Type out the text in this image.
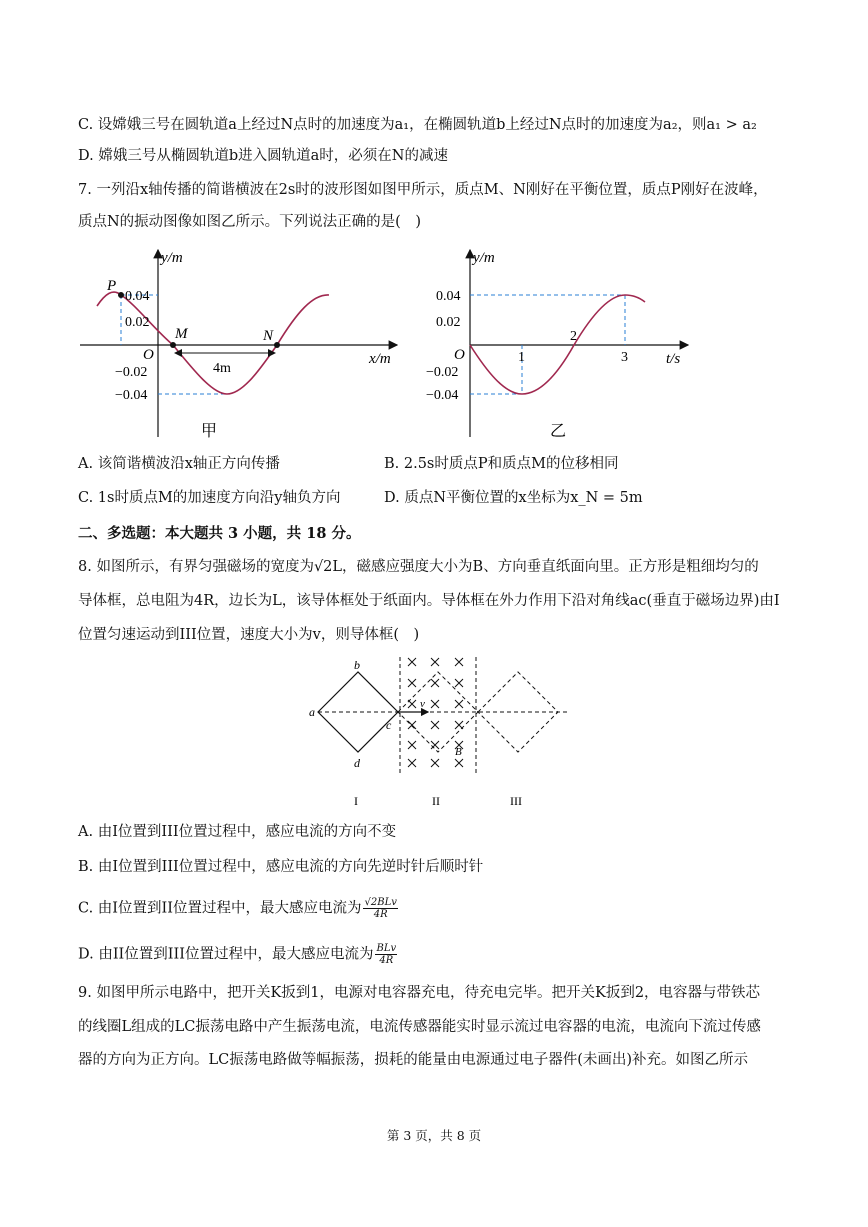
C. 设嫦娥三号在圆轨道a上经过N点时的加速度为a₁，在椭圆轨道b上经过N点时的加速度为a₂，则a₁ > a₂
D. 嫦娥三号从椭圆轨道b进入圆轨道a时，必须在N的减速
7. 一列沿x轴传播的简谐横波在2s时的波形图如图甲所示，质点M、N刚好在平衡位置，质点P刚好在波峰，
质点N的振动图像如图乙所示。下列说法正确的是(　)
4m
y/m
x/m
O
0.04
0.02
−0.02
−0.04
P
M	N
甲
y/m
t/s
O
0.04
0.02
−0.02
−0.04
1
2
3
乙
A. 该简谐横波沿x轴正方向传播	B. 2.5s时质点P和质点M的位移相同
C. 1s时质点M的加速度方向沿y轴负方向	D. 质点N平衡位置的x坐标为x_N = 5m
二、多选题：本大题共 3 小题，共 18 分。
8. 如图所示，有界匀强磁场的宽度为√2L，磁感应强度大小为B、方向垂直纸面向里。正方形是粗细均匀的
导体框，总电阻为4R，边长为L，该导体框处于纸面内。导体框在外力作用下沿对角线ac(垂直于磁场边界)由I
位置匀速运动到III位置，速度大小为v，则导体框(　)
v
B
a
b
c
d
I	II	III
A. 由I位置到III位置过程中，感应电流的方向不变
B. 由I位置到III位置过程中，感应电流的方向先逆时针后顺时针
C. 由I位置到II位置过程中，最大感应电流为 $\frac{\text{√2BLv}}{4R}$
D. 由II位置到III位置过程中，最大感应电流为 $\frac{\text{BLv}}{4R}$
9. 如图甲所示电路中，把开关K扳到1，电源对电容器充电，待充电完毕。把开关K扳到2，电容器与带铁芯
的线圈L组成的LC振荡电路中产生振荡电流，电流传感器能实时显示流过电容器的电流，电流向下流过传感
器的方向为正方向。LC振荡电路做等幅振荡，损耗的能量由电源通过电子器件(未画出)补充。如图乙所示
第 3 页，共 8 页
